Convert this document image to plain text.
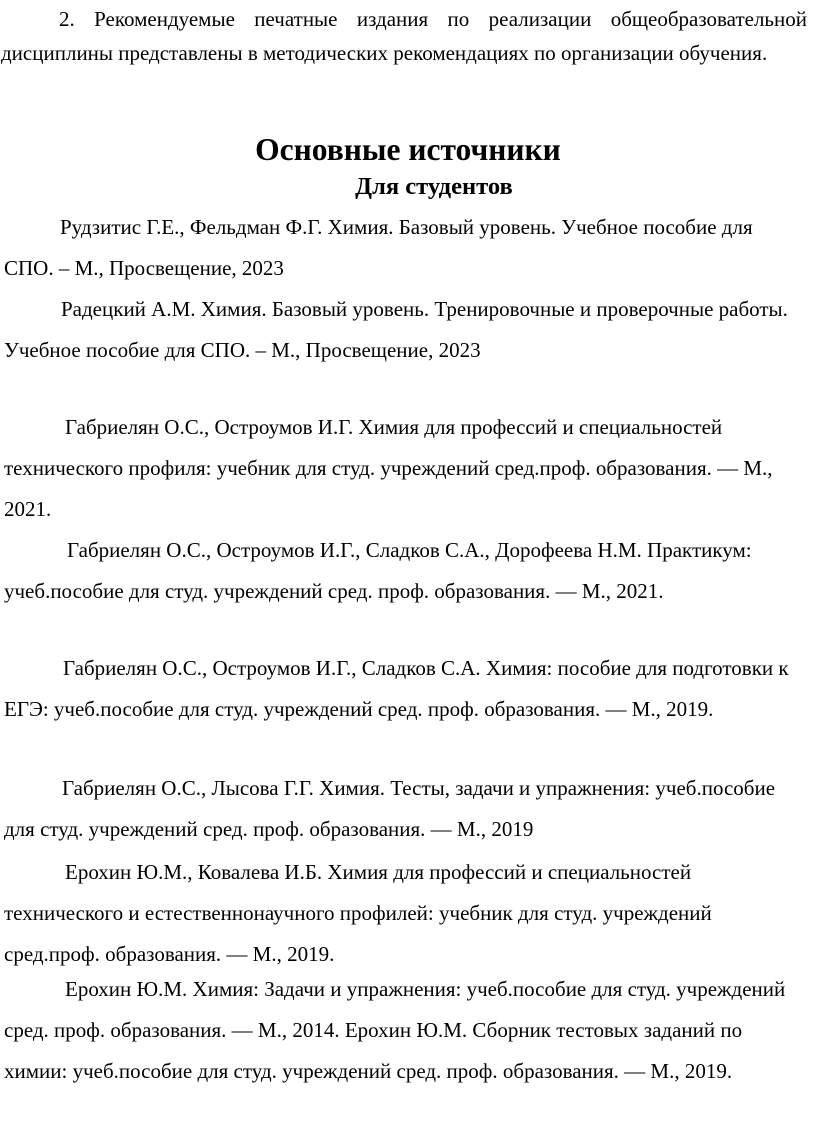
2. Рекомендуемые печатные издания по реализации общеобразовательной дисциплины представлены в методических рекомендациях по организации обучения.

Основные источники
Для студентов

Рудзитис Г.Е., Фельдман Ф.Г. Химия. Базовый уровень. Учебное пособие для СПО. – М., Просвещение, 2023

Радецкий А.М. Химия. Базовый уровень. Тренировочные и проверочные работы. Учебное пособие для СПО. – М., Просвещение, 2023

Габриелян О.С., Остроумов И.Г. Химия для профессий и специальностей технического профиля: учебник для студ. учреждений сред.проф. образования. — М., 2021.

Габриелян О.С., Остроумов И.Г., Сладков С.А., Дорофеева Н.М. Практикум: учеб.пособие для студ. учреждений сред. проф. образования. — М., 2021.

Габриелян О.С., Остроумов И.Г., Сладков С.А. Химия: пособие для подготовки к ЕГЭ: учеб.пособие для студ. учреждений сред. проф. образования. — М., 2019.

Габриелян О.С., Лысова Г.Г. Химия. Тесты, задачи и упражнения: учеб.пособие для студ. учреждений сред. проф. образования. — М., 2019

Ерохин Ю.М., Ковалева И.Б. Химия для профессий и специальностей технического и естественнонаучного профилей: учебник для студ. учреждений сред.проф. образования. — М., 2019.

Ерохин Ю.М. Химия: Задачи и упражнения: учеб.пособие для студ. учреждений сред. проф. образования. — М., 2014. Ерохин Ю.М. Сборник тестовых заданий по химии: учеб.пособие для студ. учреждений сред. проф. образования. — М., 2019.
